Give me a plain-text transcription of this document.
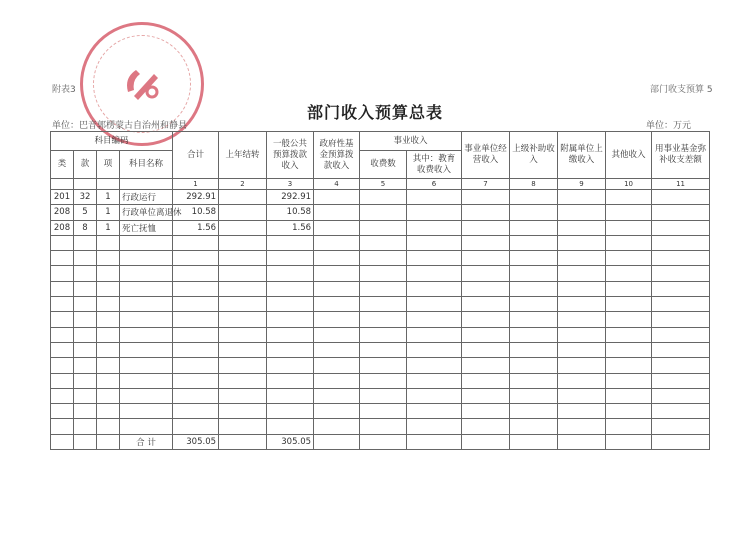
附表3	部门收支预算 5
部门收入预算总表
单位：巴音郭楞蒙古自治州和静县	单位：万元
科目编码				合计	上年结转	一般公共预算拨款收入	政府性基金预算拨款收入	事业收入		事业单位经营收入	上级补助收入	附属单位上缴收入	其他收入	用事业基金弥补收支差额
类	款	项	科目名称					收费数	其中：教育收费收入					
				1	2	3	4	5	6	7	8	9	10	11
201	32	1	行政运行	292.91		292.91								
208	5	1	行政单位离退休	10.58		10.58								
208	8	1	死亡抚恤	1.56		1.56								

			合 计	305.05		305.05								
